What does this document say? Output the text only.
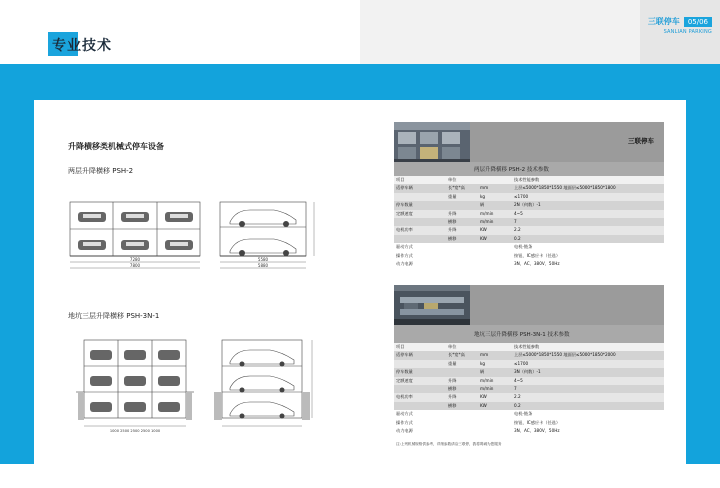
三联停车 05/06
SANLIAN PARKING
专业技术
升降横移类机械式停车设备
两层升降横移 PSH-2
地坑三层升降横移 PSH-3N-1
7280
7800
5580
5880
1000 2500 2500 2500 1000
三联停车
两层升降横移 PSH-2 技术参数
项目	单位		技术性能参数
适停车辆	长*宽*高	mm	上层≤5000*1850*1550 地面层≤5000*1850*1800
	重量	kg	≤1700
停车数量		辆	2N（何数）-1
定额速度	升降	m/min	4~5
	横移	m/min	7
电机功率	升降	KW	2.2
	横移	KW	0.2
驱动方式			电机-链条
操作方式			按钮、IC感应卡（任选）
动力电源			3N、AC、380V、50Hz
地坑三层升降横移 PSH-3N-1 技术参数
项目	单位		技术性能参数
适停车辆	长*宽*高	mm	上层≤5000*1850*1550 地面层≤5000*1850*2000
	重量	kg	≤1700
停车数量		辆	3N（何数）-1
定额速度	升降	m/min	4~5
	横移	m/min	7
电机功率	升降	KW	2.2
	横移	KW	0.2
驱动方式			电机-链条
操作方式			按钮、IC感应卡（任选）
动力电源			3N、AC、380V、50Hz
注:上列机械规格供参考，详细参数请洽三联停，我将竭诚为您服务
